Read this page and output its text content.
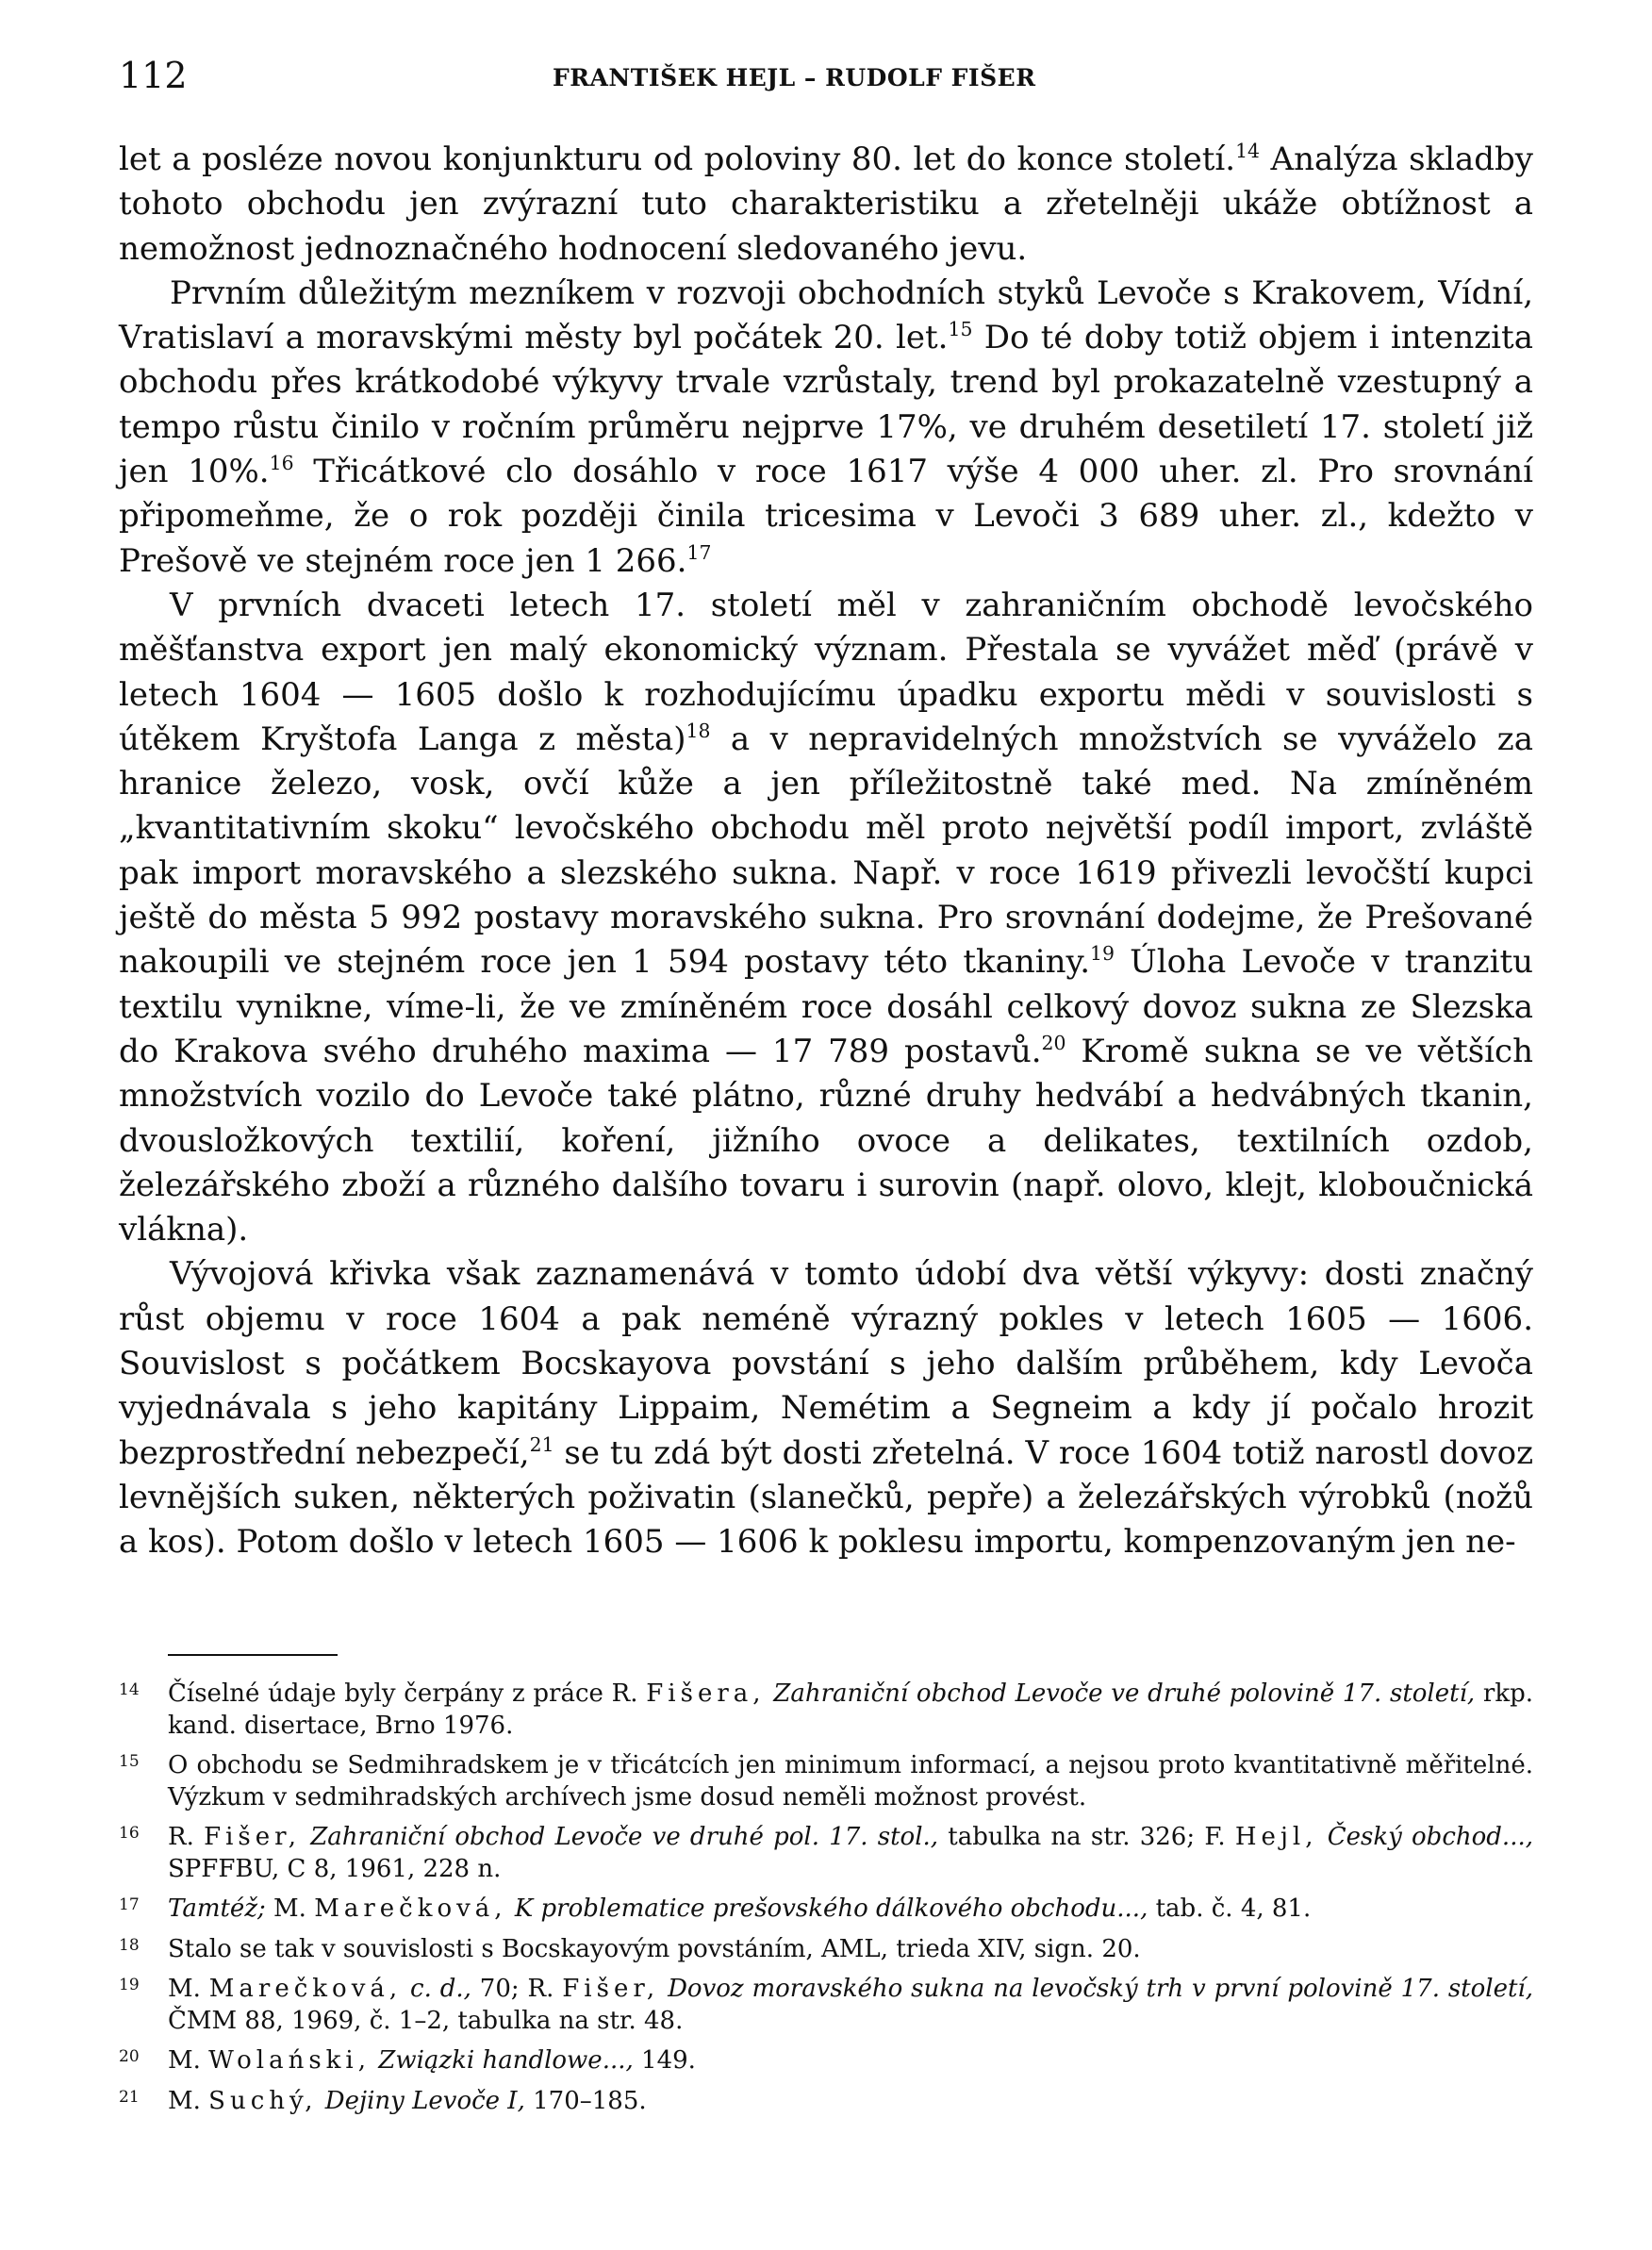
112	FRANTIŠEK HEJL – RUDOLF FIŠER

let a posléze novou konjunkturu od poloviny 80. let do konce století.$^{14}$ Analýza skladby tohoto obchodu jen zvýrazní tuto charakteristiku a zřetelněji ukáže obtížnost a nemožnost jednoznačného hodnocení sledovaného jevu.

Prvním důležitým mezníkem v rozvoji obchodních styků Levoče s Krakovem, Vídní, Vratislaví a moravskými městy byl počátek 20. let.$^{15}$ Do té doby totiž objem i intenzita obchodu přes krátkodobé výkyvy trvale vzrůstaly, trend byl prokazatelně vzestupný a tempo růstu činilo v ročním průměru nejprve 17%, ve druhém desetiletí 17. století již jen 10%.$^{16}$ Třicátkové clo dosáhlo v roce 1617 výše 4 000 uher. zl. Pro srovnání připomeňme, že o rok později činila tricesima v Levoči 3 689 uher. zl., kdežto v Prešově ve stejném roce jen 1 266.17

V prvních dvaceti letech 17. století měl v zahraničním obchodě levočského měšťanstva export jen malý ekonomický význam. Přestala se vyvážet měď (právě v letech 1604 — 1605 došlo k rozhodujícímu úpadku exportu mědi v souvislosti s útěkem Kryštofa Langa z města)$^{18}$ a v nepravidelných množstvích se vyváželo za hranice železo, vosk, ovčí kůže a jen příležitostně také med. Na zmíněném „kvantitativním skoku“ levočského obchodu měl proto největší podíl import, zvláště pak import moravského a slezského sukna. Např. v roce 1619 přivezli levočští kupci ještě do města 5 992 postavy moravského sukna. Pro srovnání dodejme, že Prešované nakoupili ve stejném roce jen 1 594 postavy této tkaniny.$^{19}$ Úloha Levoče v tranzitu textilu vynikne, víme-li, že ve zmíněném roce dosáhl celkový dovoz sukna ze Slezska do Krakova svého druhého maxima — 17 789 postavů.$^{20}$ Kromě sukna se ve větších množstvích vozilo do Levoče také plátno, různé druhy hedvábí a hedvábných tkanin, dvousložkových textilií, koření, jižního ovoce a delikates, textilních ozdob, železářského zboží a různého dalšího tovaru i surovin (např. olovo, klejt, kloboučnická vlákna).

Vývojová křivka však zaznamenává v tomto údobí dva větší výkyvy: dosti značný růst objemu v roce 1604 a pak neméně výrazný pokles v letech 1605 — 1606. Souvislost s počátkem Bocskayova povstání s jeho dalším průběhem, kdy Levoča vyjednávala s jeho kapitány Lippaim, Nemétim a Segneim a kdy jí počalo hrozit bezprostřední nebezpečí,$^{21}$ se tu zdá být dosti zřetelná. V roce 1604 totiž narostl dovoz levnějších suken, některých poživatin (slanečků, pepře) a železářských výrobků (nožů a kos). Potom došlo v letech 1605 — 1606 k poklesu importu, kompenzovaným jen ne-

14 Číselné údaje byly čerpány z práce R. Fišera, Zahraniční obchod Levoče ve druhé polovině 17. století, rkp. kand. disertace, Brno 1976.
15 O obchodu se Sedmihradskem je v třicátcích jen minimum informací, a nejsou proto kvantitativně měřitelné. Výzkum v sedmihradských archívech jsme dosud neměli možnost provést.
16 R. Fišer, Zahraniční obchod Levoče ve druhé pol. 17. stol., tabulka na str. 326; F. Hejl, Český obchod..., SPFFBU, C 8, 1961, 228 n.
17 Tamtéž; M. Marečková, K problematice prešovského dálkového obchodu..., tab. č. 4, 81.
18 Stalo se tak v souvislosti s Bocskayovým povstáním, AML, trieda XIV, sign. 20.
19 M. Marečková, c. d., 70; R. Fišer, Dovoz moravského sukna na levočský trh v první polovině 17. století, ČMM 88, 1969, č. 1–2, tabulka na str. 48.
20 M. Wolański, Związki handlowe..., 149.
21 M. Suchý, Dejiny Levoče I, 170–185.
